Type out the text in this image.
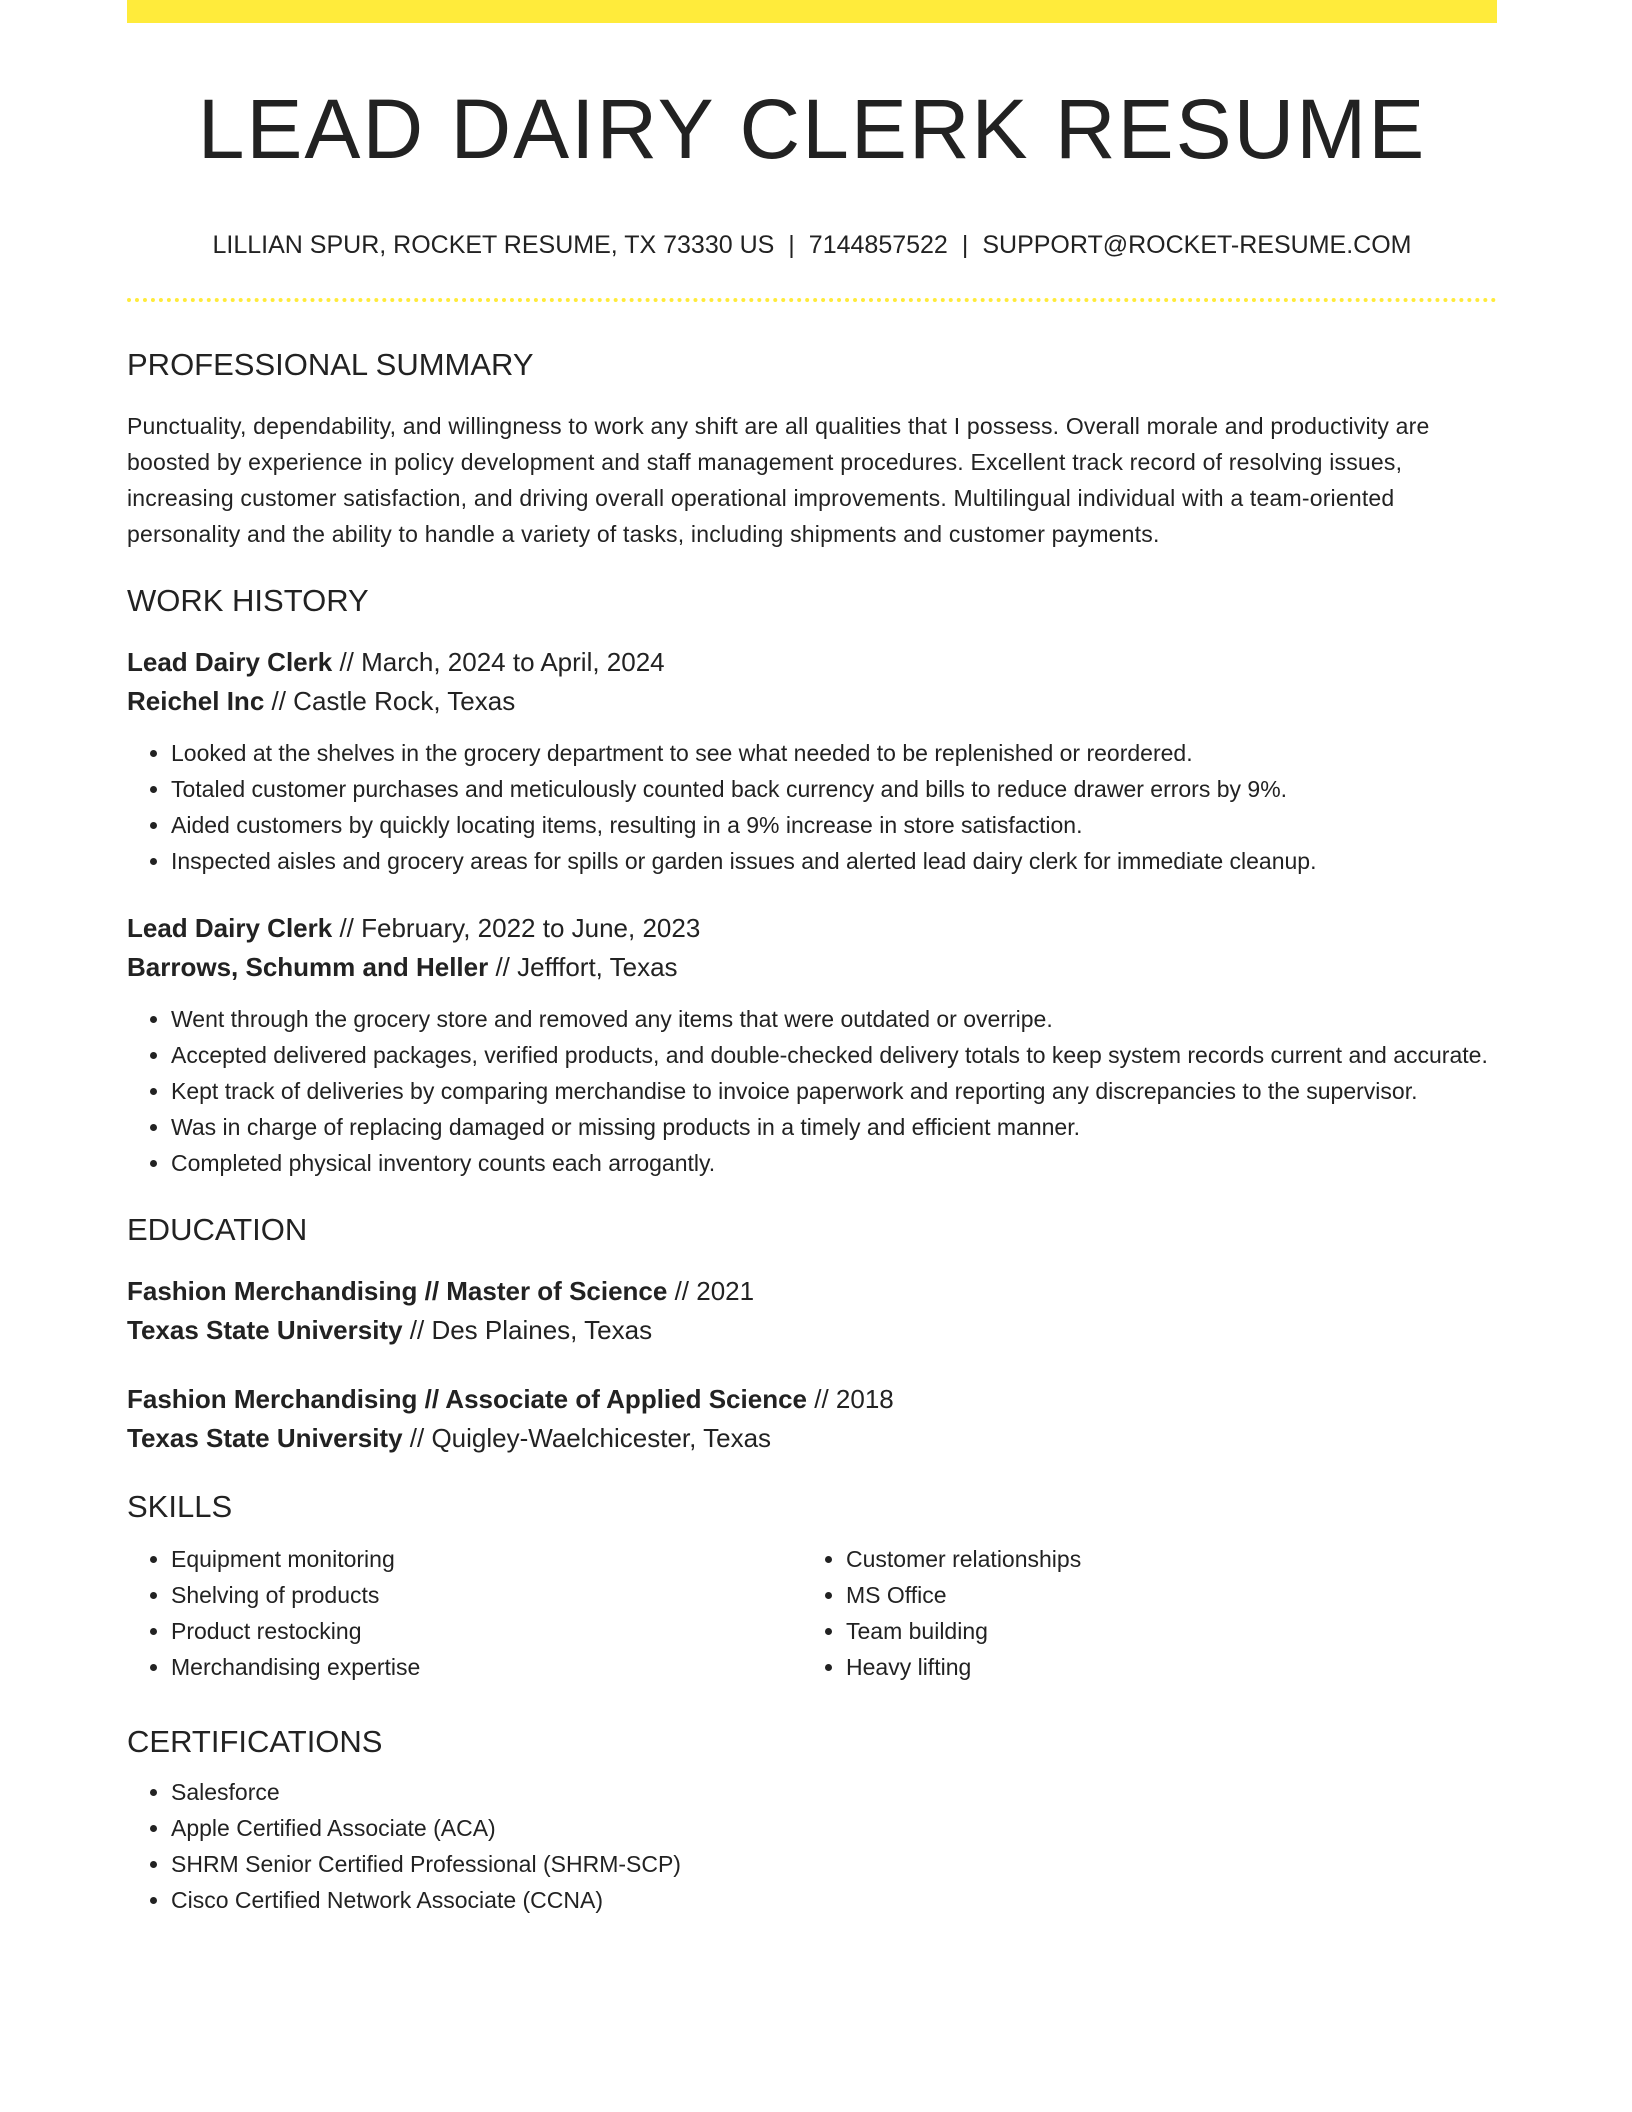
LEAD DAIRY CLERK RESUME
LILLIAN SPUR, ROCKET RESUME, TX 73330 US | 7144857522 | SUPPORT@ROCKET-RESUME.COM
PROFESSIONAL SUMMARY

Punctuality, dependability, and willingness to work any shift are all qualities that I possess. Overall morale and productivity are boosted by experience in policy development and staff management procedures. Excellent track record of resolving issues, increasing customer satisfaction, and driving overall operational improvements. Multilingual individual with a team-oriented personality and the ability to handle a variety of tasks, including shipments and customer payments.

WORK HISTORY
Lead Dairy Clerk // March, 2024 to April, 2024
Reichel Inc // Castle Rock, Texas
• Looked at the shelves in the grocery department to see what needed to be replenished or reordered.
• Totaled customer purchases and meticulously counted back currency and bills to reduce drawer errors by 9%.
• Aided customers by quickly locating items, resulting in a 9% increase in store satisfaction.
• Inspected aisles and grocery areas for spills or garden issues and alerted lead dairy clerk for immediate cleanup.
Lead Dairy Clerk // February, 2022 to June, 2023
Barrows, Schumm and Heller // Jefffort, Texas
• Went through the grocery store and removed any items that were outdated or overripe.
• Accepted delivered packages, verified products, and double-checked delivery totals to keep system records current and accurate.
• Kept track of deliveries by comparing merchandise to invoice paperwork and reporting any discrepancies to the supervisor.
• Was in charge of replacing damaged or missing products in a timely and efficient manner.
• Completed physical inventory counts each arrogantly.
EDUCATION
Fashion Merchandising // Master of Science // 2021
Texas State University // Des Plaines, Texas
Fashion Merchandising // Associate of Applied Science // 2018
Texas State University // Quigley-Waelchicester, Texas
SKILLS
• Equipment monitoring
• Shelving of products
• Product restocking
• Merchandising expertise
• Customer relationships
• MS Office
• Team building
• Heavy lifting
CERTIFICATIONS
• Salesforce
• Apple Certified Associate (ACA)
• SHRM Senior Certified Professional (SHRM-SCP)
• Cisco Certified Network Associate (CCNA)
